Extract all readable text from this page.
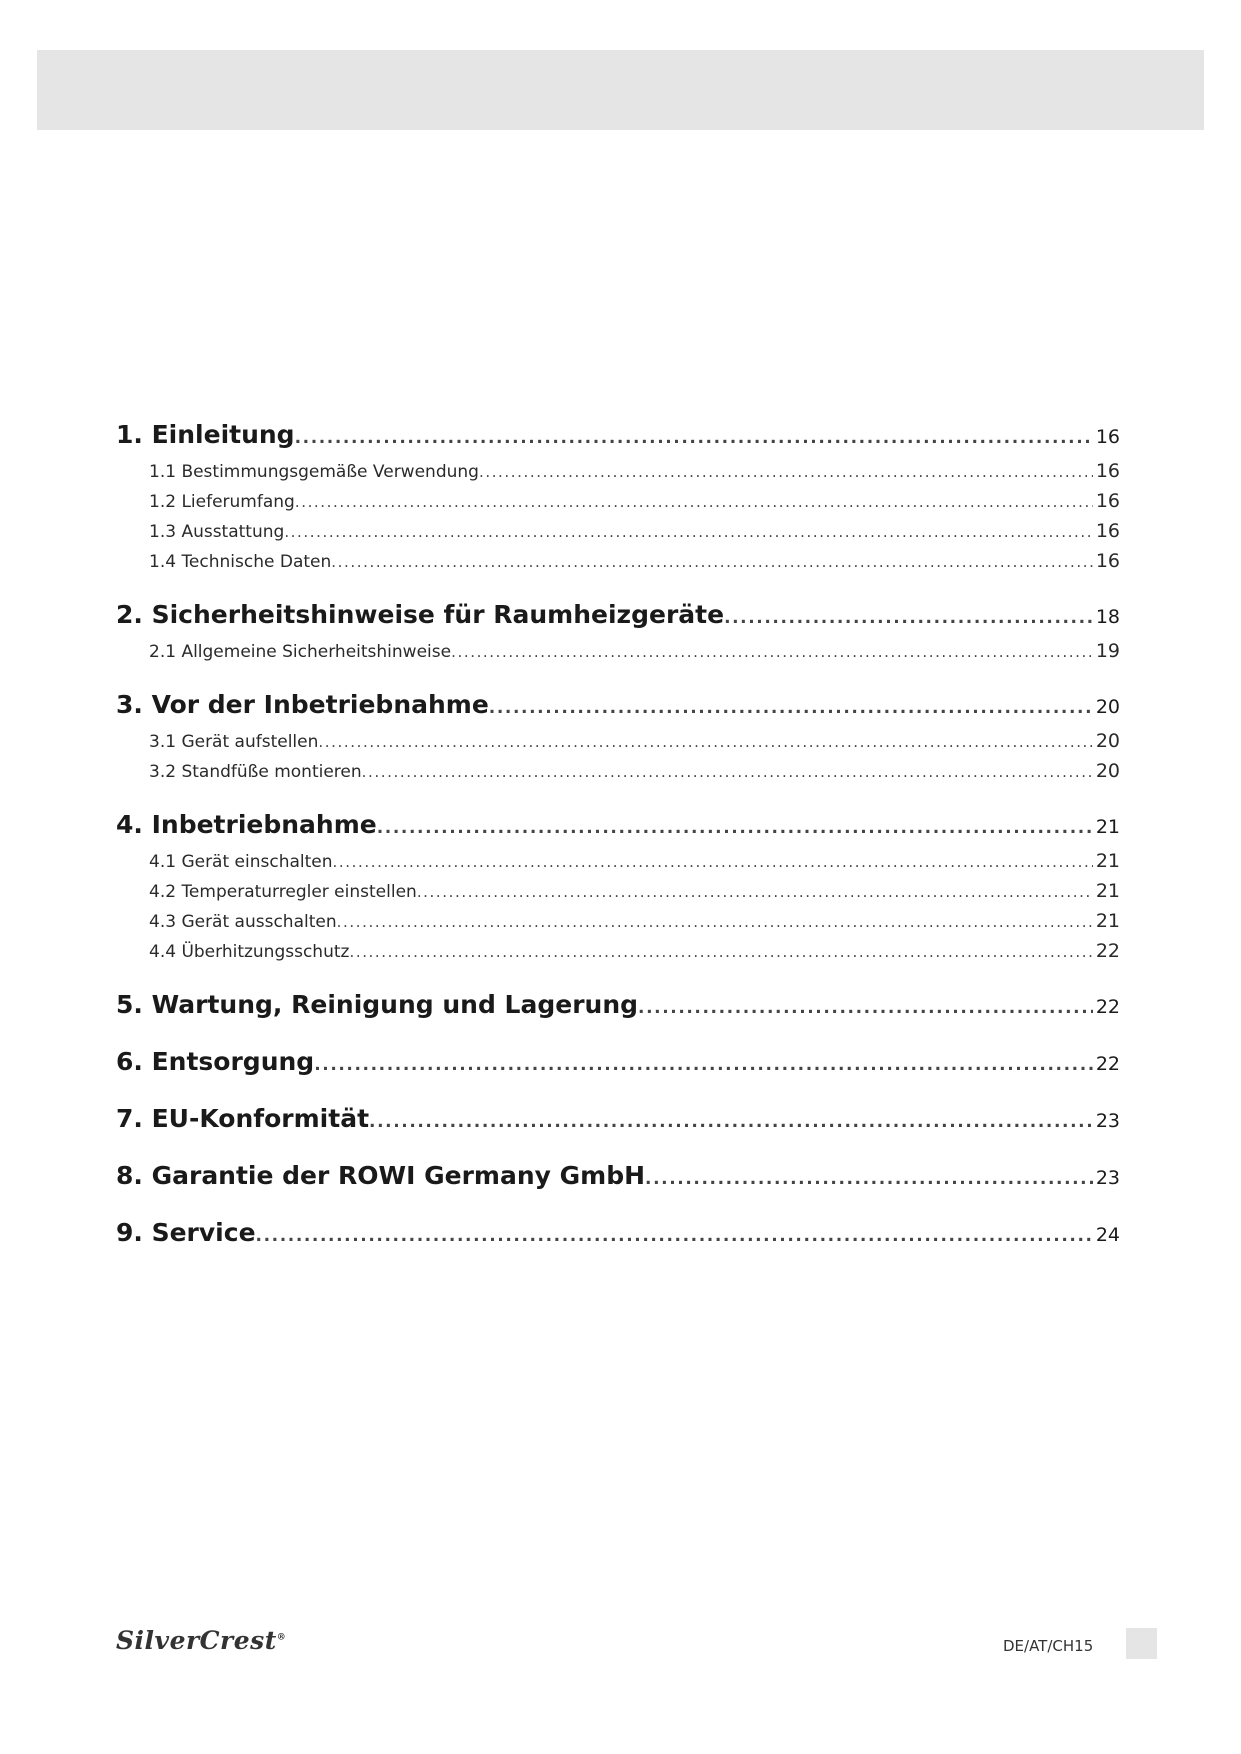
1. Einleitung .....	16
1.1 Bestimmungsgemäße Verwendung .....	16
1.2 Lieferumfang .....	16
1.3 Ausstattung .....	16
1.4 Technische Daten .....	16
2. Sicherheitshinweise für Raumheizgeräte .....	18
2.1 Allgemeine Sicherheitshinweise .....	19
3. Vor der Inbetriebnahme .....	20
3.1 Gerät aufstellen .....	20
3.2 Standfüße montieren .....	20
4. Inbetriebnahme .....	21
4.1 Gerät einschalten .....	21
4.2 Temperaturregler einstellen .....	21
4.3 Gerät ausschalten .....	21
4.4 Überhitzungsschutz .....	22
5. Wartung, Reinigung und Lagerung .....	22
6. Entsorgung .....	22
7. EU-Konformität .....	23
8. Garantie der ROWI Germany GmbH .....	23
9. Service .....	24
SilverCrest®	DE/AT/CH15
